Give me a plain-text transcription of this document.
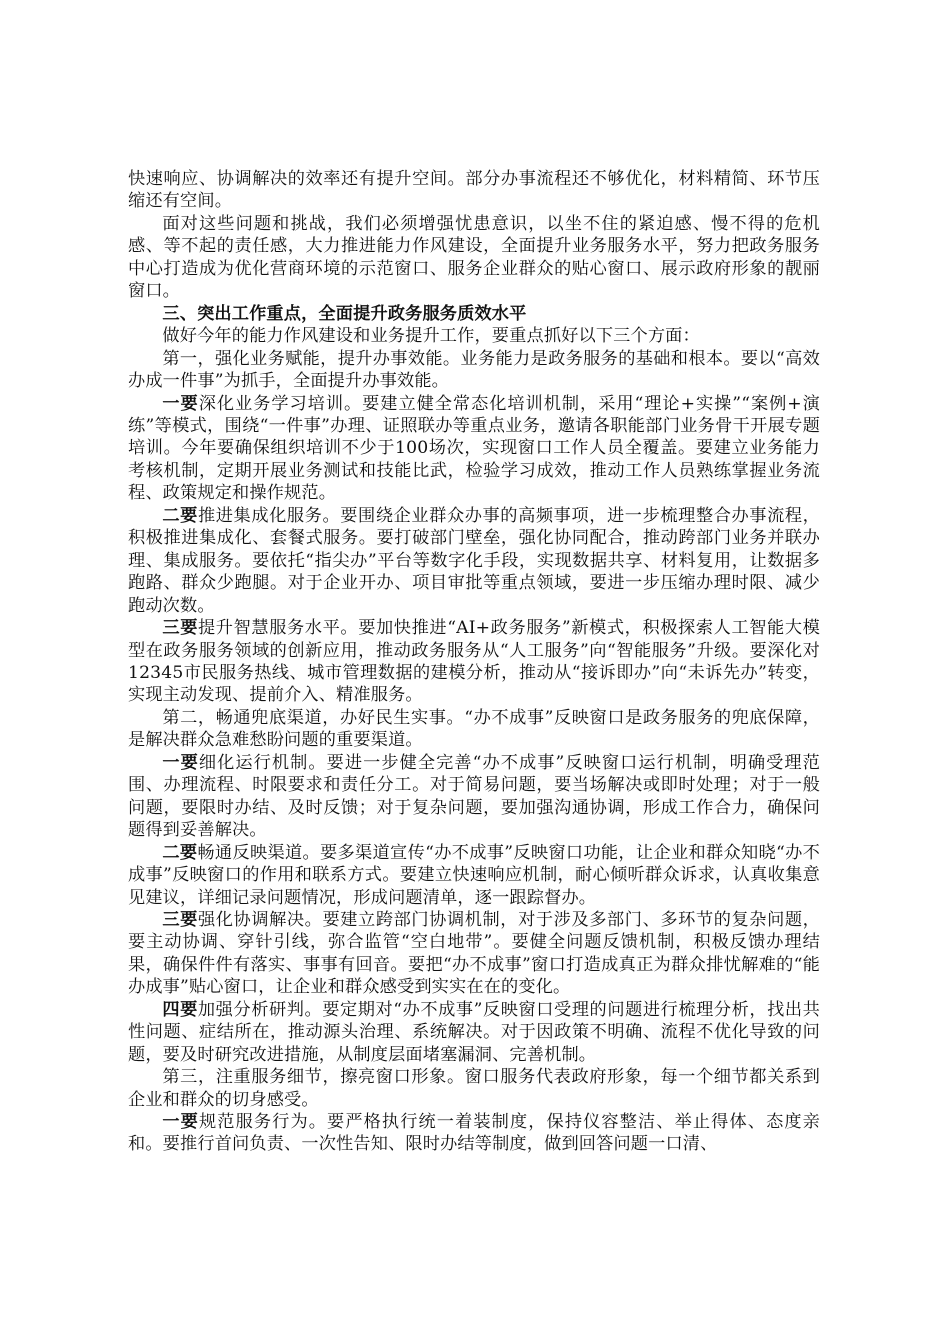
快速响应、协调解决的效率还有提升空间。部分办事流程还不够优化，材料精简、环节压缩还有空间。

面对这些问题和挑战，我们必须增强忧患意识，以坐不住的紧迫感、慢不得的危机感、等不起的责任感，大力推进能力作风建设，全面提升业务服务水平，努力把政务服务中心打造成为优化营商环境的示范窗口、服务企业群众的贴心窗口、展示政府形象的靓丽窗口。

三、突出工作重点，全面提升政务服务质效水平

做好今年的能力作风建设和业务提升工作，要重点抓好以下三个方面：

第一，强化业务赋能，提升办事效能。业务能力是政务服务的基础和根本。要以“高效办成一件事”为抓手，全面提升办事效能。

一要深化业务学习培训。要建立健全常态化培训机制，采用“理论+实操”“案例+演练”等模式，围绕“一件事”办理、证照联办等重点业务，邀请各职能部门业务骨干开展专题培训。今年要确保组织培训不少于100场次，实现窗口工作人员全覆盖。要建立业务能力考核机制，定期开展业务测试和技能比武，检验学习成效，推动工作人员熟练掌握业务流程、政策规定和操作规范。

二要推进集成化服务。要围绕企业群众办事的高频事项，进一步梳理整合办事流程，积极推进集成化、套餐式服务。要打破部门壁垒，强化协同配合，推动跨部门业务并联办理、集成服务。要依托“指尖办”平台等数字化手段，实现数据共享、材料复用，让数据多跑路、群众少跑腿。对于企业开办、项目审批等重点领域，要进一步压缩办理时限、减少跑动次数。

三要提升智慧服务水平。要加快推进“AI+政务服务”新模式，积极探索人工智能大模型在政务服务领域的创新应用，推动政务服务从“人工服务”向“智能服务”升级。要深化对12345市民服务热线、城市管理数据的建模分析，推动从“接诉即办”向“未诉先办”转变，实现主动发现、提前介入、精准服务。

第二，畅通兜底渠道，办好民生实事。“办不成事”反映窗口是政务服务的兜底保障，是解决群众急难愁盼问题的重要渠道。

一要细化运行机制。要进一步健全完善“办不成事”反映窗口运行机制，明确受理范围、办理流程、时限要求和责任分工。对于简易问题，要当场解决或即时处理；对于一般问题，要限时办结、及时反馈；对于复杂问题，要加强沟通协调，形成工作合力，确保问题得到妥善解决。

二要畅通反映渠道。要多渠道宣传“办不成事”反映窗口功能，让企业和群众知晓“办不成事”反映窗口的作用和联系方式。要建立快速响应机制，耐心倾听群众诉求，认真收集意见建议，详细记录问题情况，形成问题清单，逐一跟踪督办。

三要强化协调解决。要建立跨部门协调机制，对于涉及多部门、多环节的复杂问题，要主动协调、穿针引线，弥合监管“空白地带”。要健全问题反馈机制，积极反馈办理结果，确保件件有落实、事事有回音。要把“办不成事”窗口打造成真正为群众排忧解难的“能办成事”贴心窗口，让企业和群众感受到实实在在的变化。

四要加强分析研判。要定期对“办不成事”反映窗口受理的问题进行梳理分析，找出共性问题、症结所在，推动源头治理、系统解决。对于因政策不明确、流程不优化导致的问题，要及时研究改进措施，从制度层面堵塞漏洞、完善机制。

第三，注重服务细节，擦亮窗口形象。窗口服务代表政府形象，每一个细节都关系到企业和群众的切身感受。

一要规范服务行为。要严格执行统一着装制度，保持仪容整洁、举止得体、态度亲和。要推行首问负责、一次性告知、限时办结等制度，做到回答问题一口清、
